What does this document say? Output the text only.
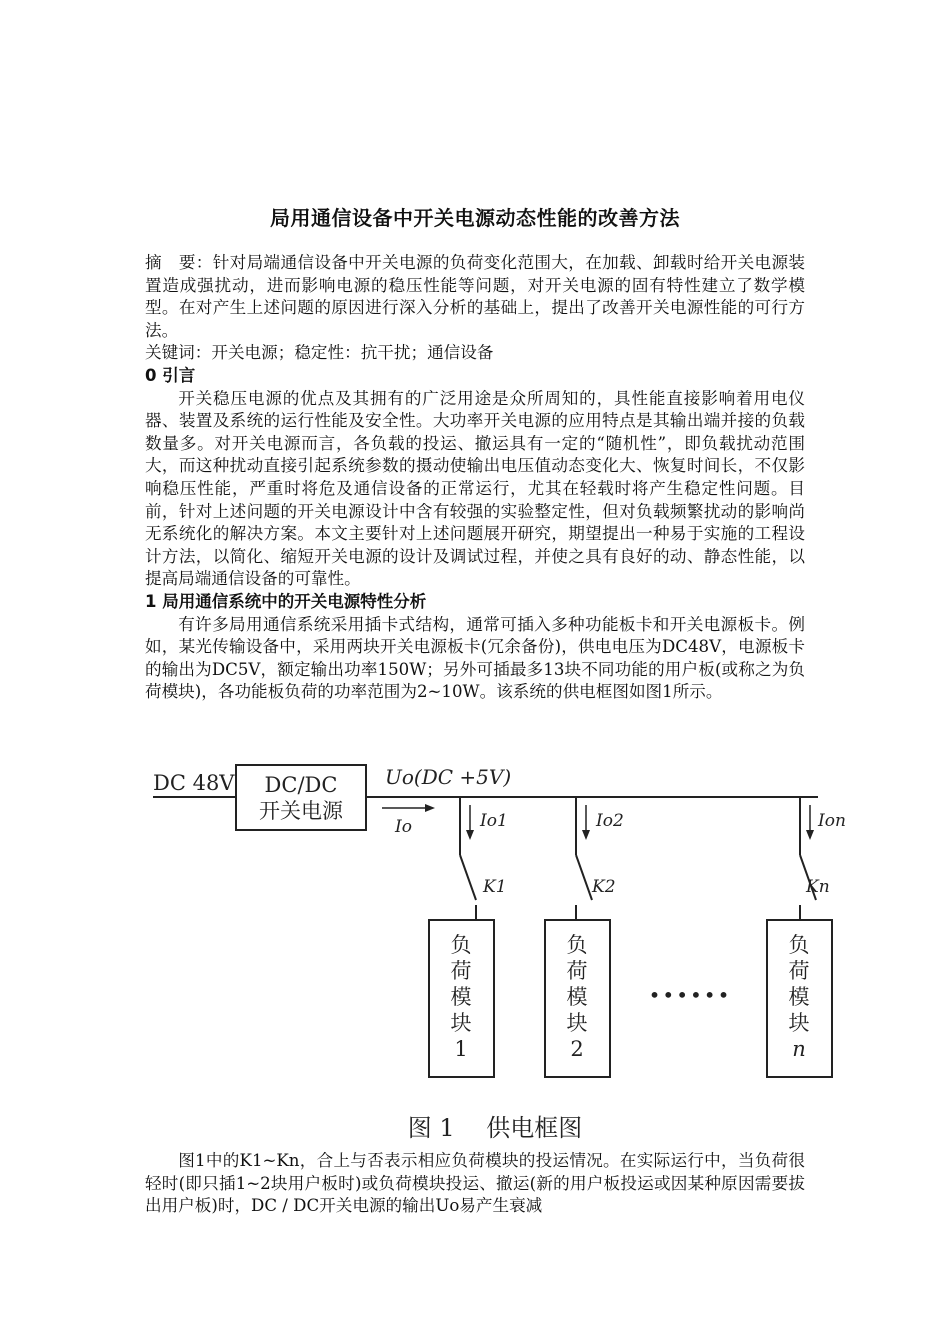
局用通信设备中开关电源动态性能的改善方法

摘　要：针对局端通信设备中开关电源的负荷变化范围大，在加载、卸载时给开关电源装置造成强扰动，进而影响电源的稳压性能等问题，对开关电源的固有特性建立了数学模型。在对产生上述问题的原因进行深入分析的基础上，提出了改善开关电源性能的可行方法。

关键词：开关电源；稳定性：抗干扰；通信设备

0 引言

开关稳压电源的优点及其拥有的广泛用途是众所周知的，具性能直接影响着用电仪器、装置及系统的运行性能及安全性。大功率开关电源的应用特点是其输出端并接的负载数量多。对开关电源而言，各负载的投运、撤运具有一定的“随机性”，即负载扰动范围大，而这种扰动直接引起系统参数的摄动使输出电压值动态变化大、恢复时间长，不仅影响稳压性能，严重时将危及通信设备的正常运行，尤其在轻载时将产生稳定性问题。目前，针对上述问题的开关电源设计中含有较强的实验整定性，但对负载频繁扰动的影响尚无系统化的解决方案。本文主要针对上述问题展开研究，期望提出一种易于实施的工程设计方法，以简化、缩短开关电源的设计及调试过程，并使之具有良好的动、静态性能，以提高局端通信设备的可靠性。

1 局用通信系统中的开关电源特性分析

有许多局用通信系统采用插卡式结构，通常可插入多种功能板卡和开关电源板卡。例如，某光传输设备中，采用两块开关电源板卡(冗余备份)，供电电压为DC48V，电源板卡的输出为DC5V，额定输出功率150W；另外可插最多13块不同功能的用户板(或称之为负荷模块)，各功能板负荷的功率范围为2~10W。该系统的供电框图如图1所示。

DC 48V DC/DC
开关电源
Uo(DC +5V)
Io	Io1
K1
负
荷
模
块
1
Io2
K2
负
荷
模
块
2
••••••
Ion
Kn
负
荷
模
块
n
图 1　 供电框图

图1中的K1~Kn，合上与否表示相应负荷模块的投运情况。在实际运行中，当负荷很轻时(即只插1~2块用户板时)或负荷模块投运、撤运(新的用户板投运或因某种原因需要拔出用户板)时，DC / DC开关电源的输出Uo易产生衰减
